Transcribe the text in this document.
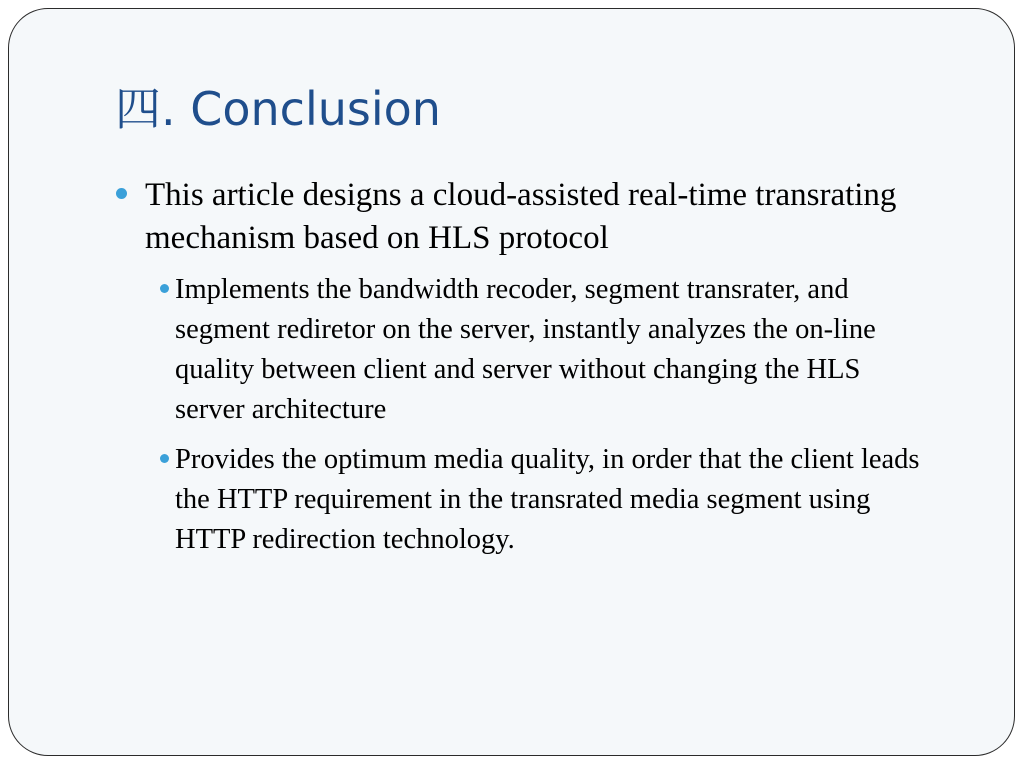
四. Conclusion
This article designs a cloud-assisted real-time transrating mechanism based on HLS protocol
Implements the bandwidth recoder, segment transrater, and segment rediretor on the server, instantly analyzes the on-line quality between client and server without changing the HLS server architecture
Provides the optimum media quality, in order that the client leads the HTTP requirement in the transrated media segment using HTTP redirection technology.
